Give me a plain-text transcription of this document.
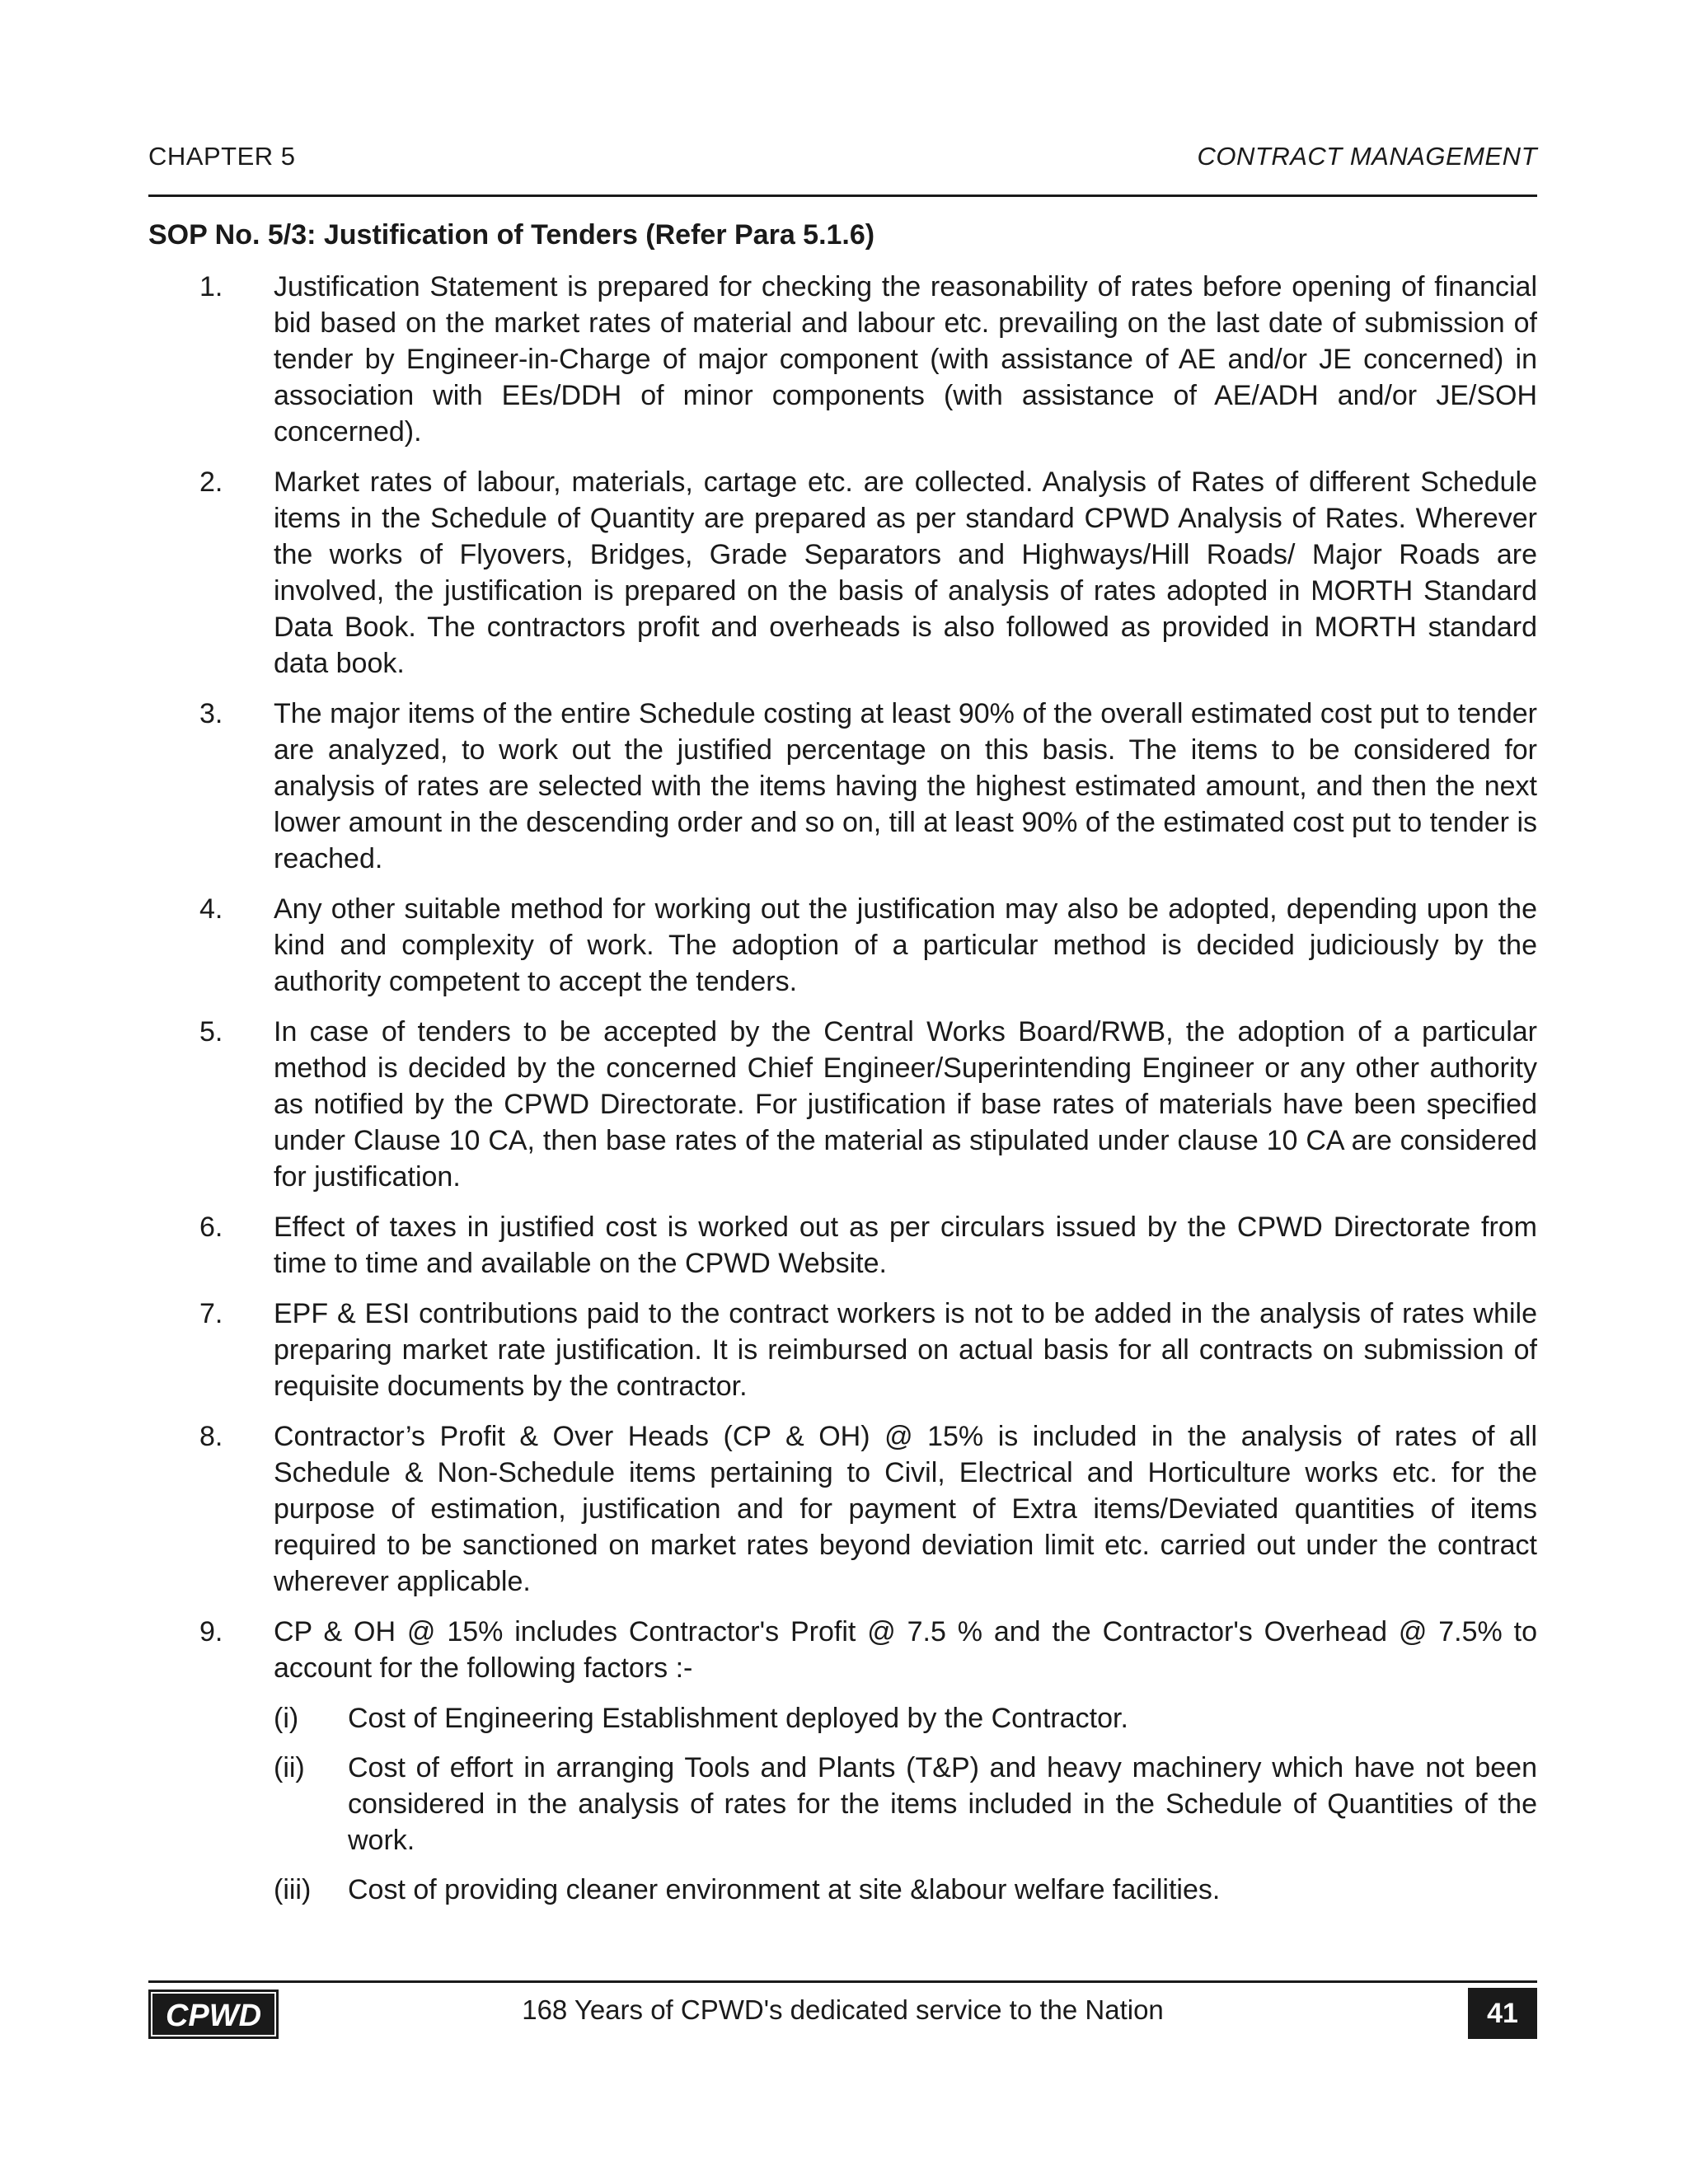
CHAPTER 5	CONTRACT MANAGEMENT
SOP No. 5/3: Justification of Tenders (Refer Para 5.1.6)
1. Justification Statement is prepared for checking the reasonability of rates before opening of financial bid based on the market rates of material and labour etc. prevailing on the last date of submission of tender by Engineer-in-Charge of major component (with assistance of AE and/or JE concerned) in association with EEs/DDH of minor components (with assistance of AE/ADH and/or JE/SOH concerned).
2. Market rates of labour, materials, cartage etc. are collected. Analysis of Rates of different Schedule items in the Schedule of Quantity are prepared as per standard CPWD Analysis of Rates. Wherever the works of Flyovers, Bridges, Grade Separators and Highways/Hill Roads/ Major Roads are involved, the justification is prepared on the basis of analysis of rates adopted in MORTH Standard Data Book. The contractors profit and overheads is also followed as provided in MORTH standard data book.
3. The major items of the entire Schedule costing at least 90% of the overall estimated cost put to tender are analyzed, to work out the justified percentage on this basis. The items to be considered for analysis of rates are selected with the items having the highest estimated amount, and then the next lower amount in the descending order and so on, till at least 90% of the estimated cost put to tender is reached.
4. Any other suitable method for working out the justification may also be adopted, depending upon the kind and complexity of work. The adoption of a particular method is decided judiciously by the authority competent to accept the tenders.
5. In case of tenders to be accepted by the Central Works Board/RWB, the adoption of a particular method is decided by the concerned Chief Engineer/Superintending Engineer or any other authority as notified by the CPWD Directorate. For justification if base rates of materials have been specified under Clause 10 CA, then base rates of the material as stipulated under clause 10 CA are considered for justification.
6. Effect of taxes in justified cost is worked out as per circulars issued by the CPWD Directorate from time to time and available on the CPWD Website.
7. EPF & ESI contributions paid to the contract workers is not to be added in the analysis of rates while preparing market rate justification. It is reimbursed on actual basis for all contracts on submission of requisite documents by the contractor.
8. Contractor’s Profit & Over Heads (CP & OH) @ 15% is included in the analysis of rates of all Schedule & Non-Schedule items pertaining to Civil, Electrical and Horticulture works etc. for the purpose of estimation, justification and for payment of Extra items/Deviated quantities of items required to be sanctioned on market rates beyond deviation limit etc. carried out under the contract wherever applicable.
9. CP & OH @ 15% includes Contractor's Profit @ 7.5 % and the Contractor's Overhead @ 7.5% to account for the following factors :-
(i) Cost of Engineering Establishment deployed by the Contractor.
(ii) Cost of effort in arranging Tools and Plants (T&P) and heavy machinery which have not been considered in the analysis of rates for the items included in the Schedule of Quantities of the work.
(iii) Cost of providing cleaner environment at site &labour welfare facilities.
CPWD	168 Years of CPWD's dedicated service to the Nation	41
